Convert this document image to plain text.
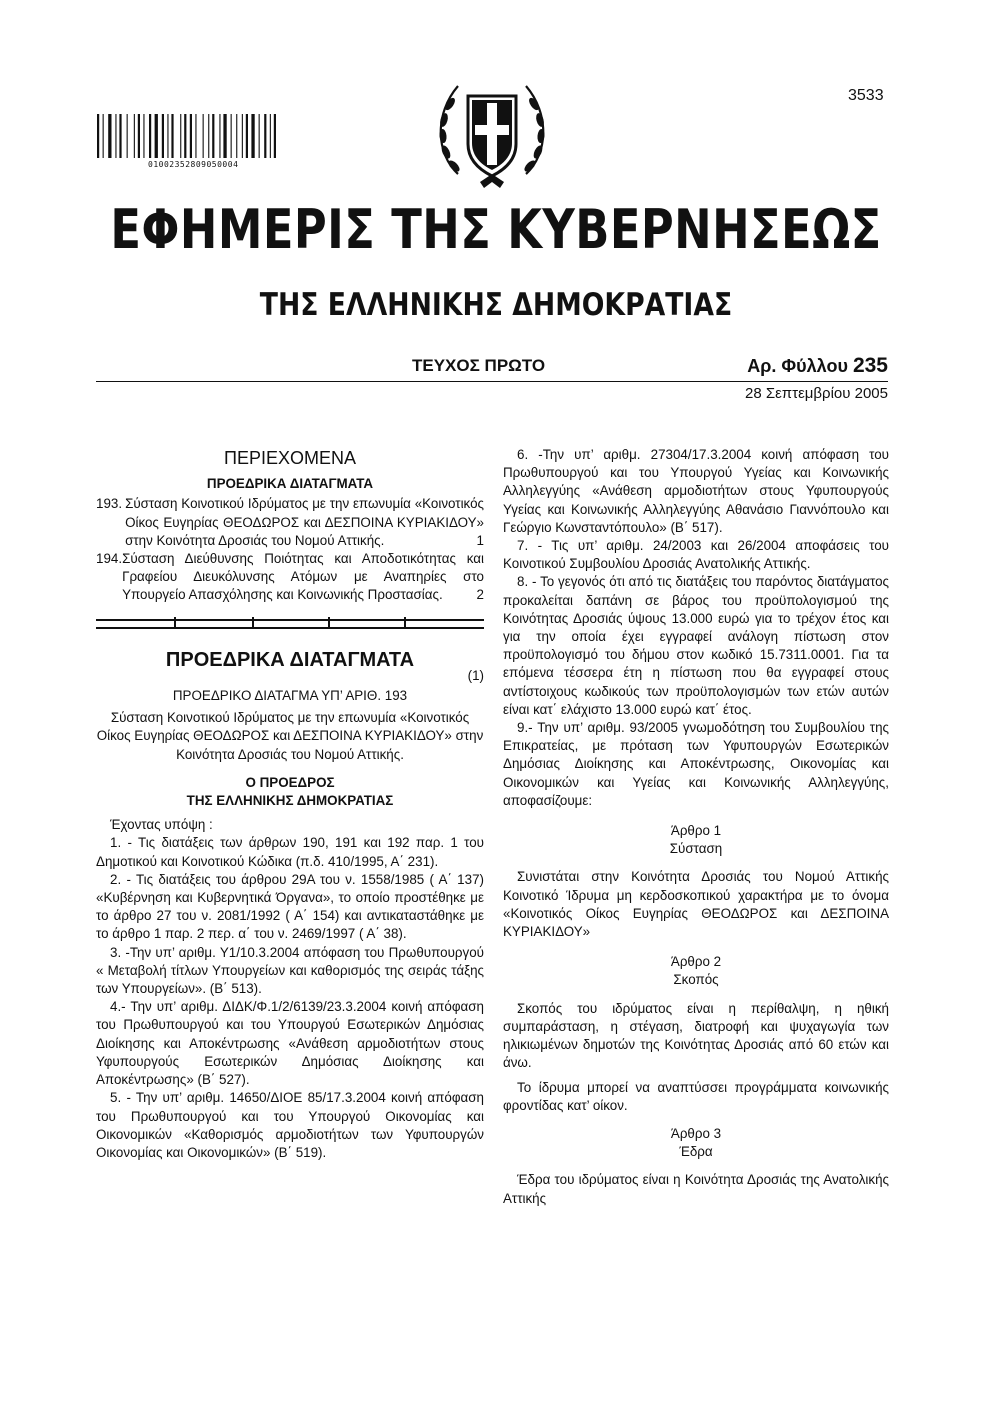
3533
01002352809050004
ΕΦΗΜΕΡΙΣ ΤΗΣ ΚΥΒΕΡΝΗΣΕΩΣ
ΤΗΣ ΕΛΛΗΝΙΚΗΣ ΔΗΜΟΚΡΑΤΙΑΣ
ΤΕΥΧΟΣ ΠΡΩΤΟ	Αρ. Φύλλου 235
28 Σεπτεμβρίου 2005
ΠΕΡΙΕΧΟΜΕΝΑ
ΠΡΟΕΔΡΙΚΑ ΔΙΑΤΑΓΜΑΤΑ
193. Σύσταση Κοινοτικού Ιδρύματος με την επωνυμία «Κοινοτικός Οίκος Ευγηρίας ΘΕΟΔΩΡΟΣ και ΔΕΣΠΟΙΝΑ ΚΥΡΙΑΚΙΔΟΥ» στην Κοινότητα Δροσιάς του Νομού Αττικής.	1
194. Σύσταση Διεύθυνσης Ποιότητας και Αποδοτικότητας και Γραφείου Διευκόλυνσης Ατόμων με Αναπηρίες στο Υπουργείο Απασχόλησης και Κοινωνικής Προστασίας.	2
ΠΡΟΕΔΡΙΚΑ ΔΙΑΤΑΓΜΑΤΑ
(1)
ΠΡΟΕΔΡΙΚΟ ΔΙΑΤΑΓΜΑ ΥΠ’ ΑΡΙΘ. 193
Σύσταση Κοινοτικού Ιδρύματος με την επωνυμία «Κοινοτικός Οίκος Ευγηρίας ΘΕΟΔΩΡΟΣ και ΔΕΣΠΟΙΝΑ ΚΥΡΙΑΚΙΔΟΥ» στην Κοινότητα Δροσιάς του Νομού Αττικής.
Ο ΠΡΟΕΔΡΟΣ
ΤΗΣ ΕΛΛΗΝΙΚΗΣ ΔΗΜΟΚΡΑΤΙΑΣ

Έχοντας υπόψη :

1. - Τις διατάξεις των άρθρων 190, 191 και 192 παρ. 1 του Δημοτικού και Κοινοτικού Κώδικα (π.δ. 410/1995, Α΄ 231).

2. - Τις διατάξεις του άρθρου 29Α του ν. 1558/1985 ( Α΄ 137) «Κυβέρνηση και Κυβερνητικά Όργανα», το οποίο προστέθηκε με το άρθρο 27 του ν. 2081/1992 ( Α΄ 154) και αντικαταστάθηκε με το άρθρο 1 παρ. 2 περ. α΄ του ν. 2469/1997 ( Α΄ 38).

3. -Την υπ’ αριθμ. Υ1/10.3.2004 απόφαση του Πρωθυπουργού « Μεταβολή τίτλων Υπουργείων και καθορισμός της σειράς τάξης των Υπουργείων». (Β΄ 513).

4.- Την υπ’ αριθμ. ΔΙΔΚ/Φ.1/2/6139/23.3.2004 κοινή απόφαση του Πρωθυπουργού και του Υπουργού Εσωτερικών Δημόσιας Διοίκησης και Αποκέντρωσης «Ανάθεση αρμοδιοτήτων στους Υφυπουργούς Εσωτερικών Δημόσιας Διοίκησης και Αποκέντρωσης» (Β΄ 527).

5. - Την υπ’ αριθμ. 14650/ΔΙΟΕ 85/17.3.2004 κοινή απόφαση του Πρωθυπουργού και του Υπουργού Οικονομίας και Οικονομικών «Καθορισμός αρμοδιοτήτων των Υφυπουργών Οικονομίας και Οικονομικών» (Β΄ 519).

6. -Την υπ’ αριθμ. 27304/17.3.2004 κοινή απόφαση του Πρωθυπουργού και του Υπουργού Υγείας και Κοινωνικής Αλληλεγγύης «Ανάθεση αρμοδιοτήτων στους Υφυπουργούς Υγείας και Κοινωνικής Αλληλεγγύης Αθανάσιο Γιαννόπουλο και Γεώργιο Κωνσταντόπουλο» (Β΄ 517).

7. - Τις υπ’ αριθμ. 24/2003 και 26/2004 αποφάσεις του Κοινοτικού Συμβουλίου Δροσιάς Ανατολικής Αττικής.

8. - Το γεγονός ότι από τις διατάξεις του παρόντος διατάγματος προκαλείται δαπάνη σε βάρος του προϋπολογισμού της Κοινότητας Δροσιάς ύψους 13.000 ευρώ για το τρέχον έτος και για την οποία έχει εγγραφεί ανάλογη πίστωση στον προϋπολογισμό του δήμου στον κωδικό 15.7311.0001. Για τα επόμενα τέσσερα έτη η πίστωση που θα εγγραφεί στους αντίστοιχους κωδικούς των προϋπολογισμών των ετών αυτών είναι κατ΄ ελάχιστο 13.000 ευρώ κατ΄ έτος.

9.- Την υπ’ αριθμ. 93/2005 γνωμοδότηση του Συμβουλίου της Επικρατείας, με πρόταση των Υφυπουργών Εσωτερικών Δημόσιας Διοίκησης και Αποκέντρωσης, Οικονομίας και Οικονομικών και Υγείας και Κοινωνικής Αλληλεγγύης, αποφασίζουμε:

Άρθρο 1
Σύσταση

Συνιστάται στην Κοινότητα Δροσιάς του Νομού Αττικής Κοινοτικό Ίδρυμα μη κερδοσκοπικού χαρακτήρα με το όνομα «Κοινοτικός Οίκος Ευγηρίας ΘΕΟΔΩΡΟΣ και ΔΕΣΠΟΙΝΑ ΚΥΡΙΑΚΙΔΟΥ»

Άρθρο 2
Σκοπός

Σκοπός του ιδρύματος είναι η περίθαλψη, η ηθική συμπαράσταση, η στέγαση, διατροφή και ψυχαγωγία των ηλικιωμένων δημοτών της Κοινότητας Δροσιάς από 60 ετών και άνω.

Το ίδρυμα μπορεί να αναπτύσσει προγράμματα κοινωνικής φροντίδας κατ’ οίκον.

Άρθρο 3
Έδρα

Έδρα του ιδρύματος είναι η Κοινότητα Δροσιάς της Ανατολικής Αττικής
